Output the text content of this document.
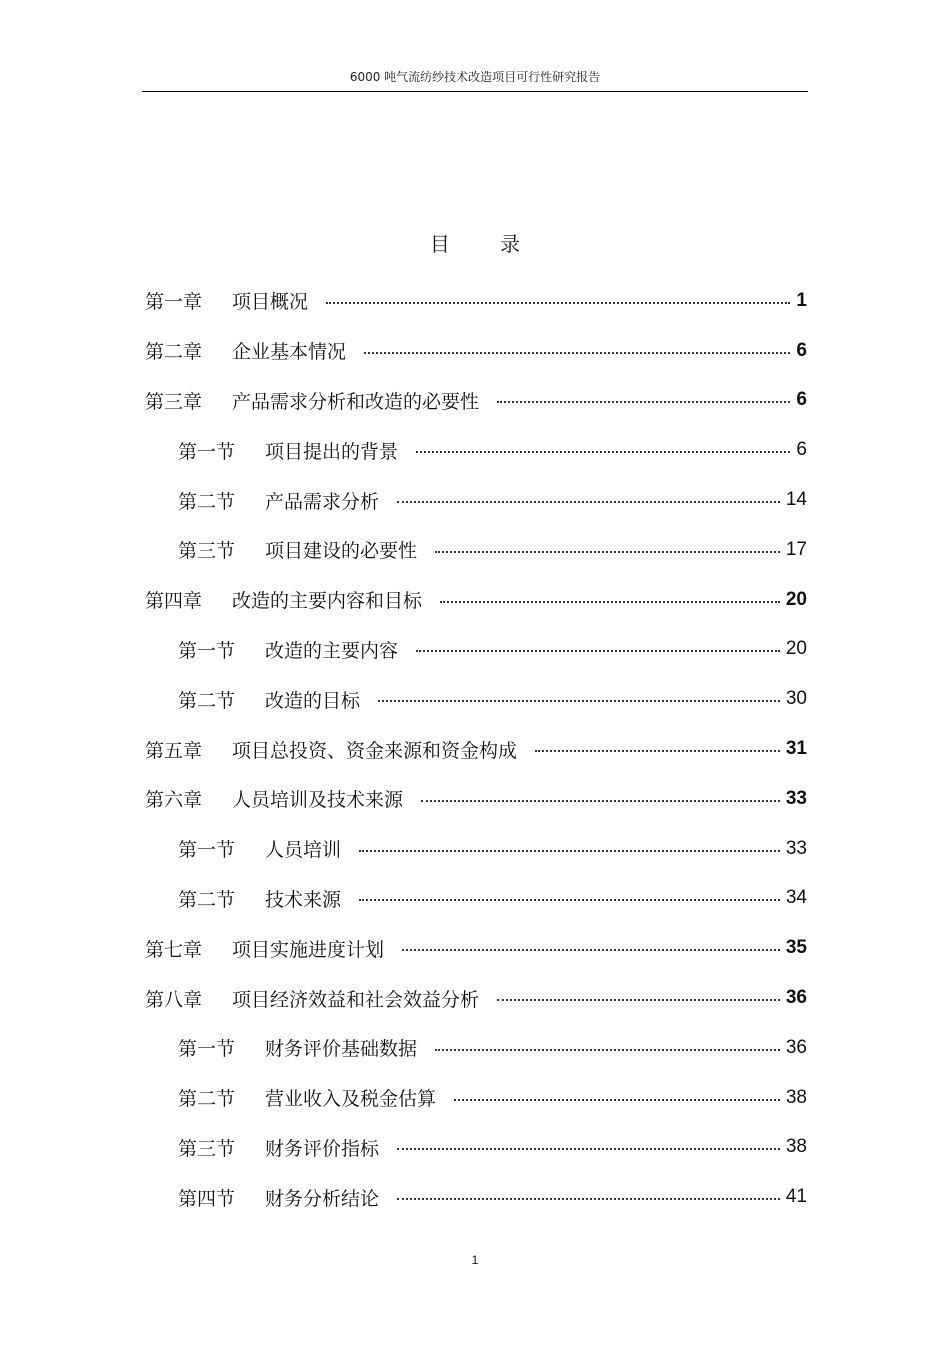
6000 吨气流纺纱技术改造项目可行性研究报告
目 录
第一章 项目概况	1
第二章 企业基本情况	6
第三章 产品需求分析和改造的必要性	6
第一节 项目提出的背景	6
第二节 产品需求分析	14
第三节 项目建设的必要性	17
第四章 改造的主要内容和目标	20
第一节 改造的主要内容	20
第二节 改造的目标	30
第五章 项目总投资、资金来源和资金构成	31
第六章 人员培训及技术来源	33
第一节 人员培训	33
第二节 技术来源	34
第七章 项目实施进度计划	35
第八章 项目经济效益和社会效益分析	36
第一节 财务评价基础数据	36
第二节 营业收入及税金估算	38
第三节 财务评价指标	38
第四节 财务分析结论	41
1
